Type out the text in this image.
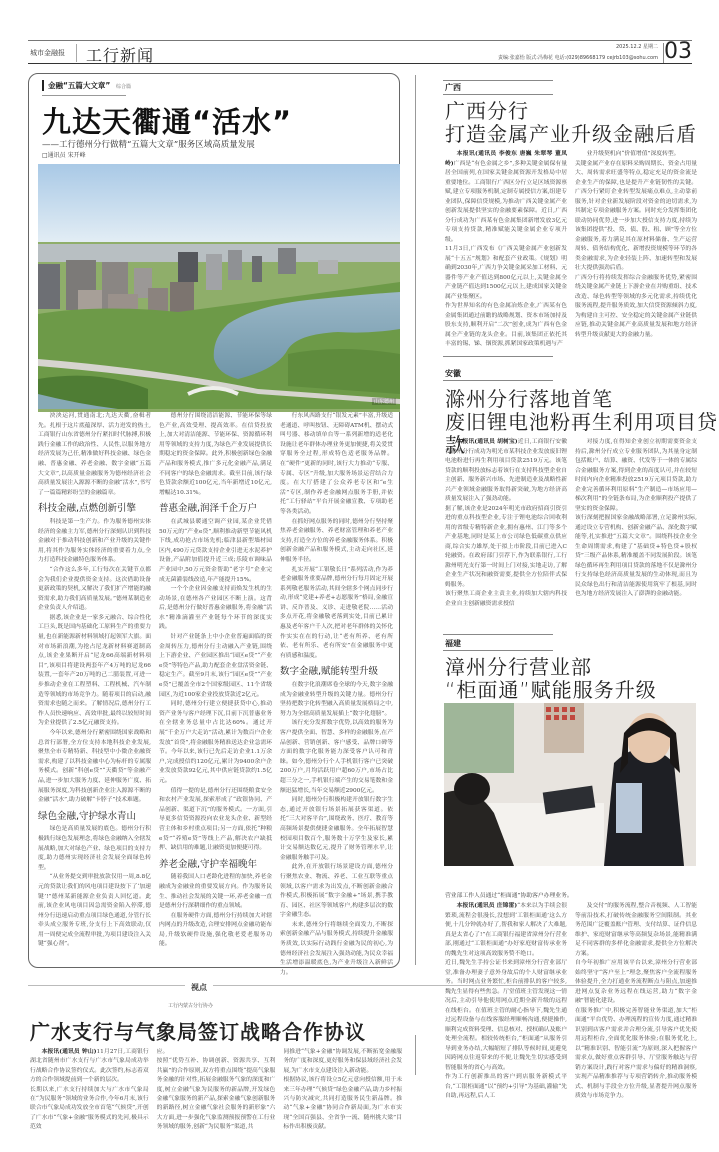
城市金融报 工行新闻	2025.12.2 星期二
责编:张嘉怡 版式:冯梅花 电话:(029)89668179 cejrb103@sohu.com 03
金融“五篇大文章” 综合篇
九达天衢通“活水”
——工行德州分行做精“五篇大文章”服务区域高质量发展
□通讯员 宋开峰
山东德州

泱泱运河,贯通南北;九达天衢,奋楫者先。扎根于这片底蕴深厚、活力迸发的热土,工商银行山东省德州分行紧扣时代脉搏,积极践行金融工作的政治性、人民性,以服务地方经济发展为己任,精准做好科技金融、绿色金融、普惠金融、养老金融、数字金融“五篇大文章”,以高质量金融服务为德州经济社会高质量发展注入源源不断的金融“活水”,书写了一篇篇精彩纷呈的金融篇章。

科技金融,点燃创新引擎

科技是第一生产力。作为服务德州实体经济的金融主力军,德州分行深刻认识到科技金融对于推动科技创新和产业升级的关键作用,将其作为服务实体经济的重要着力点,全力打造科技金融特色服务体系。

“合作这么多年,工行每次在关键节点都会为我们企业提供资金支持。这次借助设备更新政策的契机,又解决了我们扩产增能的融资需求,助力我们高质量发展。”德州某制造业企业负责人介绍道。

据悉,该企业是一家多元融合、综合性化工巨头,既是国内基础化工原料生产的重要力量,也在新能源新材料领域打起领军大旗。面对市场新浪潮,为抢占尼龙新材料赛道制高点,该企业果断开启“尼龙66高端新材料项目”,该项目将建设两套年产4万吨的尼龙66装置,一套年产20万吨的己二腈装置,可进一步推动企业在工程塑料、工程机械、汽车制造等领域的市场竞争力。随着项目的启动,融资需求也随之而来。了解情况后,德州分行工作人员快速响应、高效审批,最终以较短时间为企业提供了2.5亿元融资支持。

今年以来,德州分行紧密围绕国家战略和总省行部署,全方位支持本地科技企业发展,聚焦全市专精特新、科技型中小微企业融资需求,构建了以科技金融中心为标杆的专属服务模式。创新“科创e贷”“天衢贷”等金融产品,进一步加大服务力度、延伸服务广度、拓展服务深度,为科技创新企业注入源源不断的金融“活水”,助力破解“卡脖子”技术难题。

绿色金融,守护绿水青山

绿色是高质量发展的底色。德州分行积极践行绿色发展理念,将绿色金融纳入全辖发展战略,加大对绿色产业、绿色项目的支持力度,助力德州实现经济社会发展全面绿色转型。

“从业务提交到审批放款仅用一周,8.8亿元的贷款让我们的风电项目建设按下了‘加速键’!”德州某新能源企业负责人回忆道。此前,该企业风电项目因急需资金陷入停滞,德州分行迅速启动重点项目绿色通道,分管行长牵头成立服务专班,分支行上下高效联动,仅用一周便完成全流程审批,为项目建设注入关键“强心剂”。

德州分行围绕清洁能源、节能环保等绿色产业,高效受理、提高效率。在信贷投放上,加大对清洁能源、节能环保、资源循环利用等领域的支持力度,为绿色产业发展提供长期稳定的资金保障。此外,积极创新绿色金融产品和服务模式,推广多元化金融产品,满足不同客户的绿色金融需求。截至目前,该行绿色贷款余额近100亿元,当年新增近10亿元,增幅达10.31%。

普惠金融,润泽千企万户

在武城县暖通空调产业园,某企业凭借50万元的“产业e贷”,顺利推动新型节能风机下线,成功抢占市场先机;临津县新型墙材园区内,490万元贷款支持企业引进无水泥养护设备,产品附加值提升近三成;乐陵市调味品产业园中,50万元资金帮助“老字号”企业完成无菌灌装线改造,年产能提升15%。

一个个企业因金融支持而焕发生机的生动场景,在德州各产业园区不断上演。这背后,是德州分行做好普惠金融服务,将金融“活水”精准滴灌至产业链每个环节的深度实践。

针对产业链条上中小企业普遍面临的资金周转压力,德州分行主动融入产业链,围绕上下游企业、产业园区推出“园区e贷”“产业e贷”等特色产品,助力配套企业盘活资金链、稳定生产。截至9月末,该行“园区e贷”“产业e贷”已覆盖全市2个国家级园区、11个省级园区,为近100家企业投放贷款近2亿元。

同时,德州分行建立便捷获贷中心,推动资产业务与客户经理下沉,目前下沉普惠业务在全辖业务总量中占比达60%。通过开展“千企万户大走访”活动,累计为数百户企业发放“首贷”,将金融服务精准送达企业急需环节。今年以来,该行已先后走访企业1.1万余户,完成授信约120亿元,累计为9400余户企业发放贷款92亿元,其中供应链贷款约1.5亿元。

值得一提的是,德州分行还围绕粮食安全和农村产业发展,探索形成了“政银协同、产品创新、渠道下沉”的服务模式。一方面,引导更多信贷资源投向农业龙头企业、新型经营主体和乡村重点项目;另一方面,依托“种粮e贷”“养殖e贷”等线上产品,解决农户缺抵押、缺信用的难题,让融资更加便捷可得。

养老金融,守护幸福晚年

随着我国人口老龄化进程的加快,养老金融成为金融业的重要发展方向。作为服务民生、推动社会发展的关键一环,养老金融一直是德州分行深耕细作的重点领域。

在服务硬件方面,德州分行持续加大对辖内网点的升级改造,合理安排网点金融功能布局,升级软硬件设施,强化敬老爱老服务功能。

行东风西路支行“银发元素”丰富,升级适老通道、呼叫按钮、无障碍ATM机、摆动式叫号器、移动填单台等一系列新增的适老化设施让老年群体办理业务更加便捷,将关爱贯穿服务全过程,形成特色适老服务品牌。在“硬件”更新的同时,该行大力推动“专服、专属、专区”升级,加大服务场景运营结合力度。在大厅搭建了公众养老专区和“e生活”专区,制作养老金融网点服务手册,并依托“工行驿站”平台开展金融宣教、专项助老等各类活动。

在抓好网点服务的同时,德州分行坚持聚焦养老金融服务、养老财富管理和养老产业支持,打造全方位的养老金融服务体系。积极创新金融产品和服务模式,主动走向社区,延伸服务半径。

扎实开展“工银敬长日”系列活动,作为养老金融服务重要品牌,德州分行每月固定开展系列敬老服务活动,其间全辖多个网点同步行动,形成“党建+养老+志愿服务”格局,金融宣讲、反诈普及、义诊、走进敬老院……活动多点开花,将金融敬老落到实处,目前已累计惠及老年客户千人次,把对老年群体的关怀化作实实在在的行动,让“老有所养、老有所依、老有所乐、老有所安”在金融服务中更有质感和温度。

数字金融,赋能转型升级

在数字化浪潮席卷全球的今天,数字金融成为金融业转型升级的关键力量。德州分行坚持把数字化转型融入高质量发展格局之中,努力为全辖高质量发展插上“数字化翅膀”。

该行充分发挥数字优势,以高效的服务为客户提供全面、智慧、多样的金融服务,在产品创新、营销创新、客户感受、品牌口碑等方面的数字化服务能力深受客户认可和青睐。如今,德州分行个人手机银行客户已突破200万户,月均活跃用户超60万户,市场占比超三分之一,手机银行端产生的交易笔数和金额迅猛增长,当年交易额近2900亿元。

同时,德州分行积极构建开放银行数字生态,通过开放银行场景拓展获客渠道。依托“三大对客平台”,围绕政务、医疗、教育等高频场景提供便捷金融服务。全年拓展智慧校园项目数百个,服务数十万学生及家长,累计交易额达数亿元,提升了财务管理水平,让金融服务触手可及。

此外,在开放银行场景建设方面,德州分行聚焦农业、物流、养老、工业互联等重点领域,以客户需求为出发点,不断创新金融合作模式,积极拓展“数字金融+”场景,携手教育、园区、社区等领域客户,构建多层次的数字金融生态。

未来,德州分行将继续全面发力,不断探索创新金融产品与服务模式,持续提升金融服务质效,以实际行动践行金融为民的初心,为德州经济社会发展注入强劲动能,为民众幸福生活增添温暖底色,为产业升级注入新鲜活力。

广西
广西分行
打造金属产业升级金融后盾

本报讯(通讯员 李俊东 唐巍 朱翠琴 董凤岭)广西是“有色金属之乡”,多种关键金属保有量居全国前列,在国家关键金属资源开发格局中居重要地位。工商银行广西区分行立足区域资源禀赋,建立专项服务机制,定制专属授信方案,组建专业团队,保障信贷规模,为推动广西关键金属产业创新发展提供坚实的金融要素保障。近日,广西分行成功为广西某有色金属集团新增发放3亿元专项支持贷款,精准赋能关键金属企业专项升级。
11月3日,广西发布《广西关键金属产业创新发展“十五五”规划》和配套产业政策。《规划》明确到2030年,广西力争关键金属采加工材料、元器件等产业产值达到800亿元以上,关键金属全产业链产值达到1500亿元以上,建成国家关键金属产业集聚区。
作为世界知名的有色金属冶炼企业,广西某有色金属集团通过前瞻的战略规划、资本市场加持及股东支持,顺利开启“二次”创业,成为广西有色金属全产业链的龙头企业。目前,该集团正依托其丰富的锡、锑、铟资源,抓紧国家政策机遇与产

业升级契机向“价值增值”深度转型。
关键金属产业存在原料采购周期长、资金占用量大、周转需求旺盛等特点,稳定充足的资金流是企业生产的保障,也是提升产业链韧性的关键。广西分行紧盯企业转型发展痛点难点,主动靠前服务,针对企业新发展阶段对资金的迫切需求,为其制定专项金融服务方案。同时充分发挥集团化联动协同优势,进一步加大授信支持力度,持续为该集团提供“投、贷、债、股、租、顾”等全方位金融服务,着力满足其在原材料储备、生产运营周转、债务结构优化、新增投资规模等环节的各类金融需求,为企业轻装上阵、加速转型和发展壮大提供强劲后盾。
广西分行将持续发挥综合金融服务优势,紧密围绕关键金属产业链上下游企业在并购重组、技术改造、绿色转型等领域的多元化需求,持续优化服务流程,提升服务质效,加大信贷资源倾斜力度,为构建自主可控、安全稳定的关键金属产业链供应链,推动关键金属产业高质量发展和地方经济转型升级贡献更大的金融力量。

安徽
滁州分行落地首笔
废旧锂电池粉再生利用项目贷款

本报讯(通讯员 胡树宝)近日,工商银行安徽省滁州分行成功为明光市某科技企业发放废旧锂电池粉进行再生利用项目贷款2519万元。该笔贷款的顺利投放标志着该行在支持科技型企业自主创新、服务新兴市场、先进制造业及战略性新兴产业领域金融服务取得新突破,为地方经济高质量发展注入了强劲动能。
据了解,该企业是2024年明光市政府招商引资引进的重点科技型企业,专注于锂电池综合回收利用的省级专精特新企业,拥有惠州、江门等多个产业基地,同时是某上市公司绿色低碳重点供应商,综合实力雄厚,处于拟上市阶段,目前已进入C轮融资。在政府部门引荐下,作为联系银行,工行滁州明光支行第一时间上门对接,实地走访,了解企业生产状况和融资需要,提供全方位陪伴式保姆服务。
该行聚焦工商企业主责主业,持续加大辖内科技企业自主创新融资需求授信

对接力度,在得知企业创立初期需要资金支持后,滁州分行成立专业服务团队,为其量身定制包括账户、结算、融资、代发等于一体的专属综合金融服务方案,得到企业的高度认可,并在较短时间内向企业精准投放2519万元项目贷款,助力企业完善循环利用原料“生产制造—市场应用—梯次利用”的全链条布局,为企业顺利投产提供了坚实的资金保障。
该行深刻把握国家金融战略部署,立足滁州实际,通过设立专营机构、创新金融产品、深化数字赋能等,扎实推进“五篇大文章”。围绕科技企业全生命周期需求,构建了“基础贷+特色贷+股权贷”三级产品体系,精准覆盖不同发展阶段。该笔绿色循环再生利用项目贷款的落地不仅是滁州分行支持绿色经济高质量发展的生动体现,而且为民众绿色出行和清洁能源使用筑牢了根基,同时也为地方经济发展注入了澎湃的金融动能。

福建
漳州分行营业部
“柜面通”赋能服务升级
营业部工作人员通过“柜面通”协助客户办理业务。

本报讯(通讯员 庄锦雷)“本来以为手续会很繁琐,流程会很漫长,没想到‘工银柜面通’这么方便,十几分钟就办好了,帮我和家人解决了大难题,真是太省心了!”在工商银行福建省漳州分行营业部,刚通过“工银柜面通”办好家庭财富传承业务的魏先生对这项高效服务赞不绝口。
近日,魏先生手持公证书来到漳州分行营业部厅堂,准备办理妻子意外身故后的个人财富继承业务。当时网点业务繁忙,柜台前排队的客户较多,魏先生显得有些焦急。厅堂值班主管发现这一情况后,主动引导他使用网点近期全新升级的远程在线柜台。在值班主管的耐心指导下,魏先生通过远程设备与在线客服经理顺畅沟通,便捷操作,顺利完成资料受理、信息核对、授权确认及账户处理全流程。相较传统柜台,“柜面通”从服务引导到业务办结,大幅缩短了排队等候时间,更避免因跨网点往返带来的不便,让魏先生切实感受到智能服务的省心与高效。
作为工行创新推出的客户到店服务新模式平台,“工银柜面通”以“预约+引导”为基础,灌输“先自助,再远程,后人工

及交付”的服务流程,整合音视频、人工智能等前沿技术,打破传统金融服务空间限制。其业务范围广泛覆盖账户管理、支付结算、证件信息维护、家庭财富继承等高频复杂场景,能精准满足不同客群的多样化金融需求,提供全方位解决方案。
自今年初推广应用该平台以来,漳州分行营业部始终坚守“客户至上”理念,聚焦客户全流程服务体验提升,全力打通业务流程断点与阻点,加速推进网点复杂业务远程在线运营,助力“数字金融”智能化建设。
在服务推广中,积极完善智能业务渠道,加大“柜面通”平台优势、办理流程的宣传力度,通过精准识别到店客户需求并合理分流,引导客户优先使用远程柜台,全面优化服务体验;在服务优化上,以“精准识别、智能引流”为原则,深入把握客户需求点,做好重点客群引导、厅堂服务触达与营销方案设计,践行对客户需求与偏好的精准洞察,实现产品精准推荐与专项营销转介,推动服务模式、机制与手段全方位升级,显著提升网点服务质效与市场竞争力。

视点
工行内蒙古分行协办
广水支行与气象局签订战略合作协议

本报讯(通讯员 钟山)11月27日,工商银行湖北省随州市广水支行与广水市气象局成功举行战略合作协议签约仪式。此次签约,标志着双方的合作领域提前到一个新的层次。
长期以来,广水支行持续加大与广水市气象局在“为民服务”领域的业务合作,今年6月末,该行联合市气象局成功发放全市首笔“气候贷”,开创了广水市“气象+金融”服务模式的先河,极具示范效

应。
按照“优势互补、协调创新、资源共享、互利共赢”的合作原则,双方将重点围绕“提高气象服务金融的针对性,拓展金融服务气象的深度和广度,树立金融气象为民服务的新品牌,开发绿色金融气象服务的新产品,探索金融气象创新服务的新路径,树立金融气象社会服务的新形象”六大方面,进一步强化气象监测预报预警在工行业务领域的服务,创新“为民服务”渠道,共

同推进“气象+金融”协调发展,不断拓宽金融服务的广度和深度,更好服务和保县域经济社会发展,为广水市支点建设注入新动能。
根据协议,该行将设立5亿元意向授信额,用于未来三年办理“气候贷”绿色金融产品,助力乡村振兴与防灾减灾,共同打造服务民生新品牌。推动“气象+金融”协同合作新局面,为广水市实现“全国百强县、全省争一流、随州挑大梁”目标作出积极贡献。
